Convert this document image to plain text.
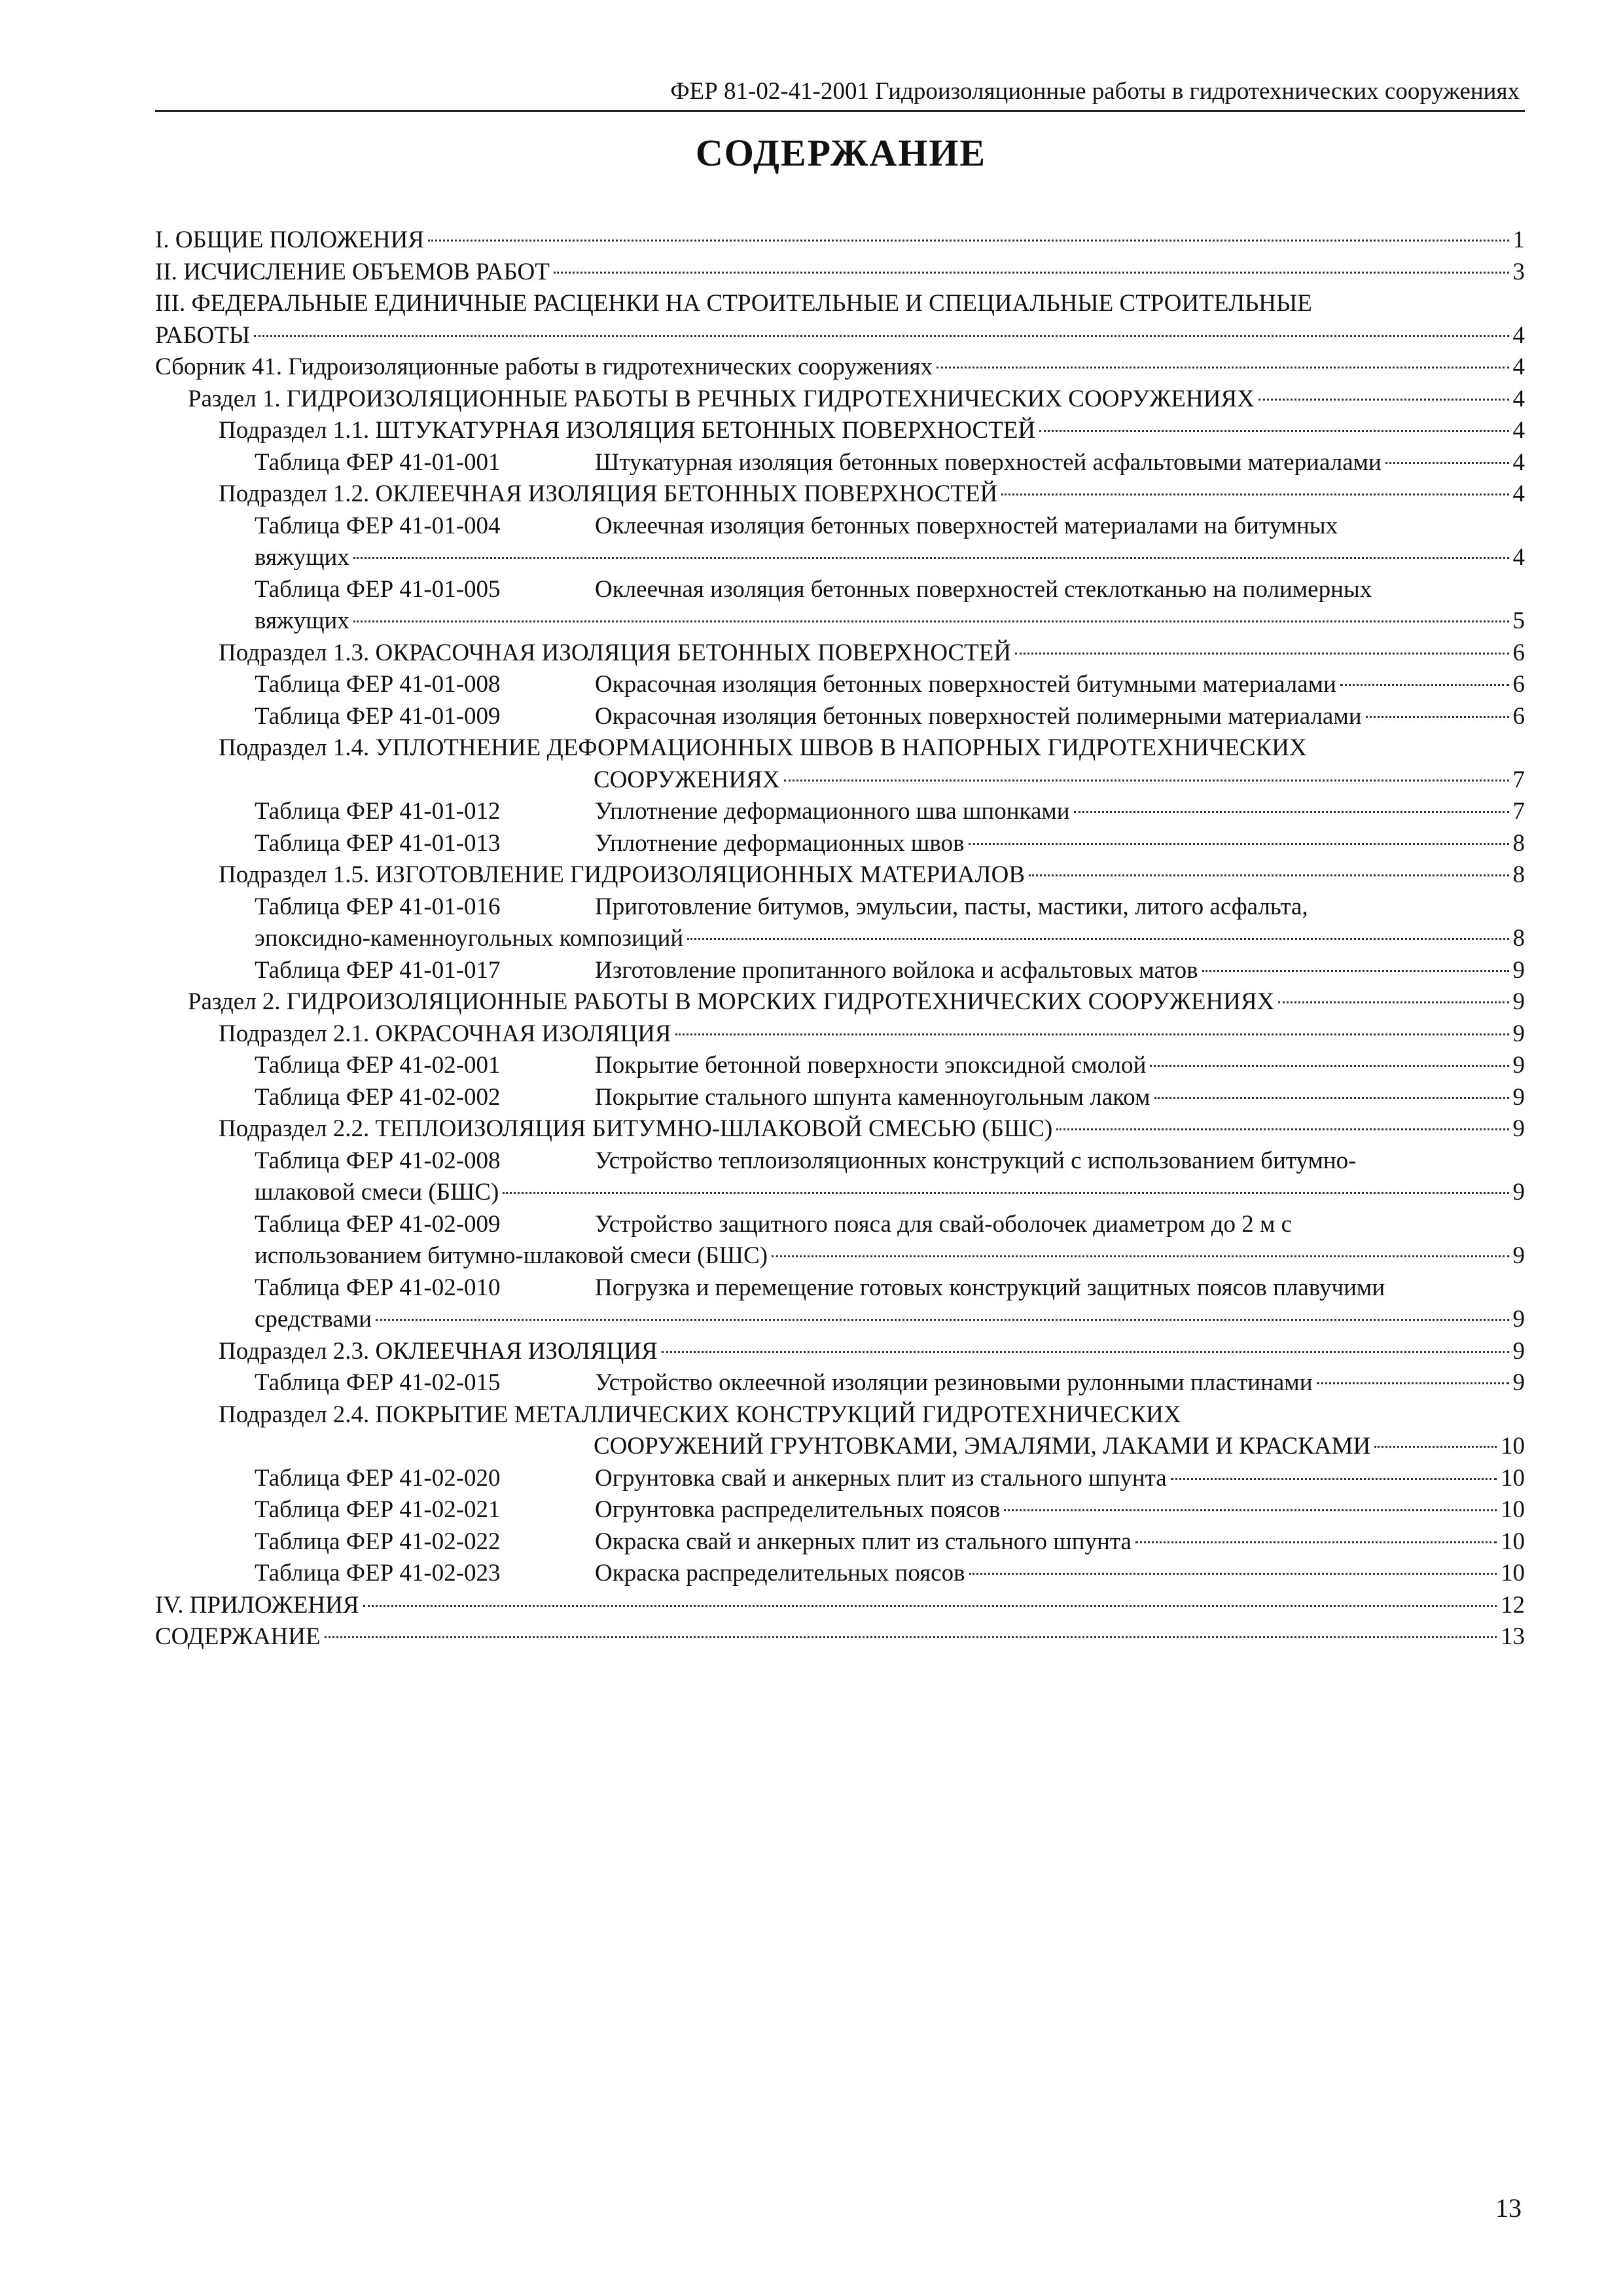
ФЕР 81-02-41-2001 Гидроизоляционные работы в гидротехнических сооружениях
СОДЕРЖАНИЕ
I. ОБЩИЕ ПОЛОЖЕНИЯ	1
II. ИСЧИСЛЕНИЕ ОБЪЕМОВ РАБОТ	3
III. ФЕДЕРАЛЬНЫЕ ЕДИНИЧНЫЕ РАСЦЕНКИ НА СТРОИТЕЛЬНЫЕ И СПЕЦИАЛЬНЫЕ СТРОИТЕЛЬНЫЕ
РАБОТЫ	4
Сборник 41. Гидроизоляционные работы в гидротехнических сооружениях	4
Раздел 1. ГИДРОИЗОЛЯЦИОННЫЕ РАБОТЫ В РЕЧНЫХ ГИДРОТЕХНИЧЕСКИХ СООРУЖЕНИЯХ	4
Подраздел 1.1. ШТУКАТУРНАЯ ИЗОЛЯЦИЯ БЕТОННЫХ ПОВЕРХНОСТЕЙ	4
Таблица ФЕР 41-01-001	Штукатурная изоляция бетонных поверхностей асфальтовыми материалами	4
Подраздел 1.2. ОКЛЕЕЧНАЯ ИЗОЛЯЦИЯ БЕТОННЫХ ПОВЕРХНОСТЕЙ	4
Таблица ФЕР 41-01-004	Оклеечная изоляция бетонных поверхностей материалами на битумных
вяжущих	4
Таблица ФЕР 41-01-005	Оклеечная изоляция бетонных поверхностей стеклотканью на полимерных
вяжущих	5
Подраздел 1.3. ОКРАСОЧНАЯ ИЗОЛЯЦИЯ БЕТОННЫХ ПОВЕРХНОСТЕЙ	6
Таблица ФЕР 41-01-008	Окрасочная изоляция бетонных поверхностей битумными материалами	6
Таблица ФЕР 41-01-009	Окрасочная изоляция бетонных поверхностей полимерными материалами	6
Подраздел 1.4. УПЛОТНЕНИЕ ДЕФОРМАЦИОННЫХ ШВОВ В НАПОРНЫХ ГИДРОТЕХНИЧЕСКИХ
СООРУЖЕНИЯХ	7
Таблица ФЕР 41-01-012	Уплотнение деформационного шва шпонками	7
Таблица ФЕР 41-01-013	Уплотнение деформационных швов	8
Подраздел 1.5. ИЗГОТОВЛЕНИЕ ГИДРОИЗОЛЯЦИОННЫХ МАТЕРИАЛОВ	8
Таблица ФЕР 41-01-016	Приготовление битумов, эмульсии, пасты, мастики, литого асфальта,
эпоксидно-каменноугольных композиций	8
Таблица ФЕР 41-01-017	Изготовление пропитанного войлока и асфальтовых матов	9
Раздел 2. ГИДРОИЗОЛЯЦИОННЫЕ РАБОТЫ В МОРСКИХ ГИДРОТЕХНИЧЕСКИХ СООРУЖЕНИЯХ	9
Подраздел 2.1. ОКРАСОЧНАЯ ИЗОЛЯЦИЯ	9
Таблица ФЕР 41-02-001	Покрытие бетонной поверхности эпоксидной смолой	9
Таблица ФЕР 41-02-002	Покрытие стального шпунта каменноугольным лаком	9
Подраздел 2.2. ТЕПЛОИЗОЛЯЦИЯ БИТУМНО-ШЛАКОВОЙ СМЕСЬЮ (БШС)	9
Таблица ФЕР 41-02-008	Устройство теплоизоляционных конструкций с использованием битумно-
шлаковой смеси (БШС)	9
Таблица ФЕР 41-02-009	Устройство защитного пояса для свай-оболочек диаметром до 2 м с
использованием битумно-шлаковой смеси (БШС)	9
Таблица ФЕР 41-02-010	Погрузка и перемещение готовых конструкций защитных поясов плавучими
средствами	9
Подраздел 2.3. ОКЛЕЕЧНАЯ ИЗОЛЯЦИЯ	9
Таблица ФЕР 41-02-015	Устройство оклеечной изоляции резиновыми рулонными пластинами	9
Подраздел 2.4. ПОКРЫТИЕ МЕТАЛЛИЧЕСКИХ КОНСТРУКЦИЙ ГИДРОТЕХНИЧЕСКИХ
СООРУЖЕНИЙ ГРУНТОВКАМИ, ЭМАЛЯМИ, ЛАКАМИ И КРАСКАМИ	10
Таблица ФЕР 41-02-020	Огрунтовка свай и анкерных плит из стального шпунта	10
Таблица ФЕР 41-02-021	Огрунтовка распределительных поясов	10
Таблица ФЕР 41-02-022	Окраска свай и анкерных плит из стального шпунта	10
Таблица ФЕР 41-02-023	Окраска распределительных поясов	10
IV. ПРИЛОЖЕНИЯ	12
СОДЕРЖАНИЕ	13
13
